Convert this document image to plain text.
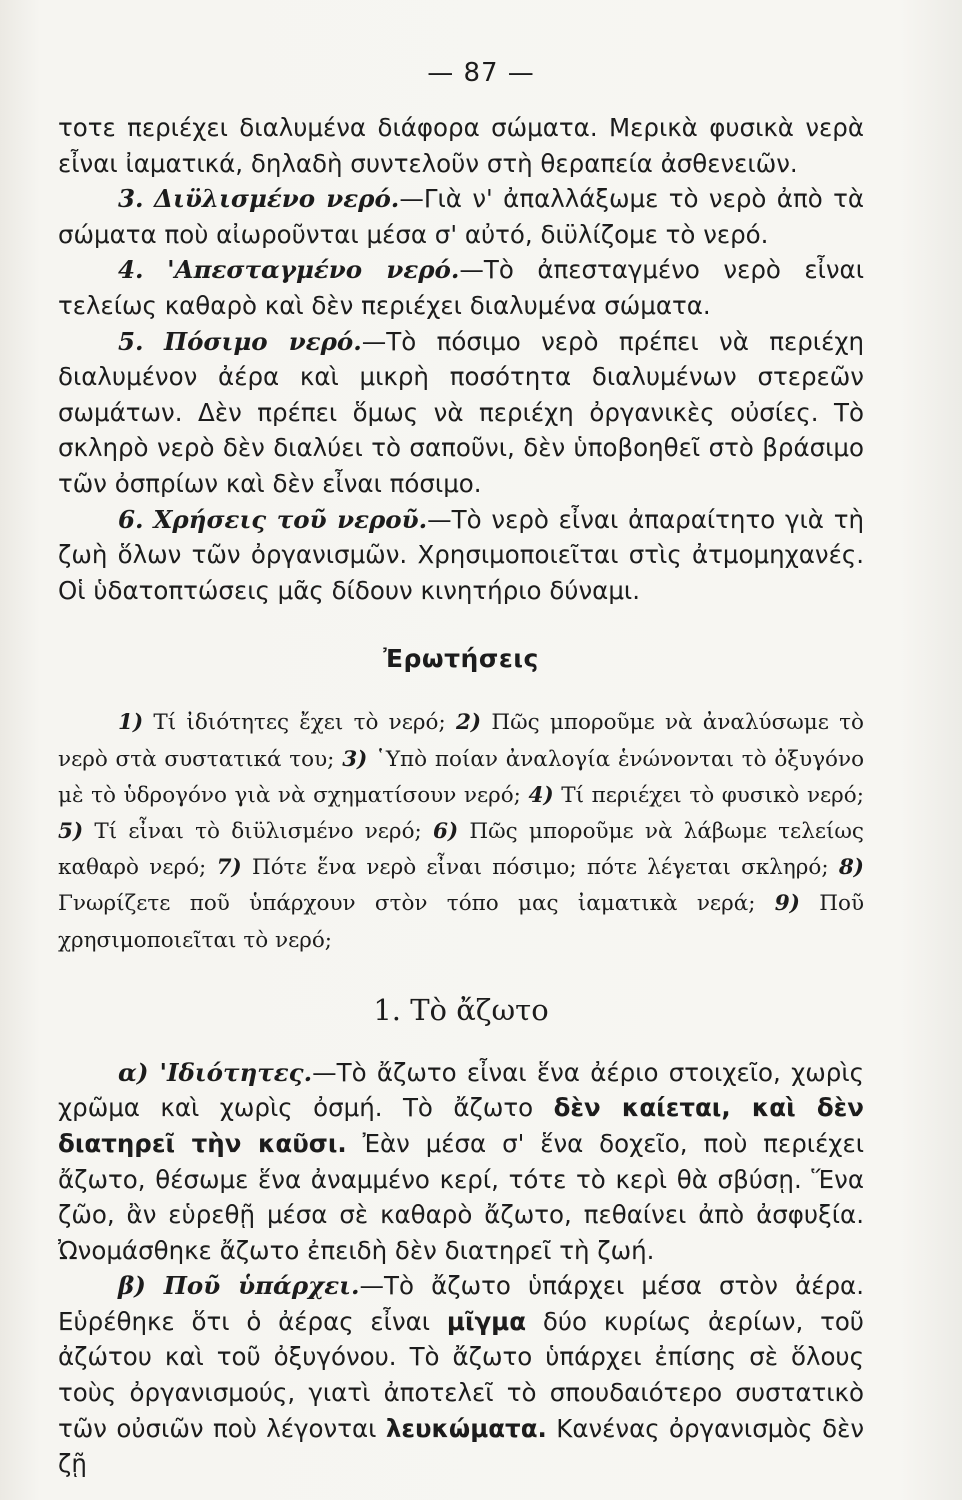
— 87 —

τοτε περιέχει διαλυμένα διάφορα σώματα. Μερικὰ φυσικὰ νερὰ εἶναι ἰαματικά, δηλαδὴ συντελοῦν στὴ θεραπεία ἀσθενειῶν.

3. Διϋλισμένο νερό.—Γιὰ ν' ἀπαλλάξωμε τὸ νερὸ ἀπὸ τὰ σώματα ποὺ αἰωροῦνται μέσα σ' αὐτό, διϋλίζομε τὸ νερό.

4. 'Απεσταγμένο νερό.—Τὸ ἀπεσταγμένο νερὸ εἶναι τελείως καθαρὸ καὶ δὲν περιέχει διαλυμένα σώματα.

5. Πόσιμο νερό.—Τὸ πόσιμο νερὸ πρέπει νὰ περιέχη διαλυμένον ἀέρα καὶ μικρὴ ποσότητα διαλυμένων στερεῶν σωμάτων. Δὲν πρέπει ὅμως νὰ περιέχη ὀργανικὲς οὐσίες. Τὸ σκληρὸ νερὸ δὲν διαλύει τὸ σαποῦνι, δὲν ὑποβοηθεῖ στὸ βράσιμο τῶν ὀσπρίων καὶ δὲν εἶναι πόσιμο.

6. Χρήσεις τοῦ νεροῦ.—Τὸ νερὸ εἶναι ἀπαραίτητο γιὰ τὴ ζωὴ ὅλων τῶν ὀργανισμῶν. Χρησιμοποιεῖται στὶς ἀτμομηχανές. Οἱ ὑδατοπτώσεις μᾶς δίδουν κινητήριο δύναμι.

Ἐρωτήσεις

1) Τί ἰδιότητες ἔχει τὸ νερό; 2) Πῶς μποροῦμε νὰ ἀναλύσωμε τὸ νερὸ στὰ συστατικά του; 3) ῾Υπὸ ποίαν ἀναλογία ἑνώνονται τὸ ὀξυγόνο μὲ τὸ ὑδρογόνο γιὰ νὰ σχηματίσουν νερό; 4) Τί περιέχει τὸ φυσικὸ νερό; 5) Τί εἶναι τὸ διϋλισμένο νερό; 6) Πῶς μποροῦμε νὰ λάβωμε τελείως καθαρὸ νερό; 7) Πότε ἕνα νερὸ εἶναι πόσιμο; πότε λέγεται σκληρό; 8) Γνωρίζετε ποῦ ὑπάρχουν στὸν τόπο μας ἰαματικὰ νερά; 9) Ποῦ χρησιμοποιεῖται τὸ νερό;

1. Τὸ ἄζωτο

α) 'Ιδιότητες.—Τὸ ἄζωτο εἶναι ἕνα ἀέριο στοιχεῖο, χωρὶς χρῶμα καὶ χωρὶς ὀσμή. Τὸ ἄζωτο δὲν καίεται, καὶ δὲν διατηρεῖ τὴν καῦσι. Ἐὰν μέσα σ' ἕνα δοχεῖο, ποὺ περιέχει ἄζωτο, θέσωμε ἕνα ἀναμμένο κερί, τότε τὸ κερὶ θὰ σβύσῃ. Ἕνα ζῶο, ἂν εὑρεθῇ μέσα σὲ καθαρὸ ἄζωτο, πεθαίνει ἀπὸ ἀσφυξία. Ὠνομάσθηκε ἄζωτο ἐπειδὴ δὲν διατηρεῖ τὴ ζωή.

β) Ποῦ ὑπάρχει.—Τὸ ἄζωτο ὑπάρχει μέσα στὸν ἀέρα. Εὑρέθηκε ὅτι ὁ ἀέρας εἶναι μῖγμα δύο κυρίως ἀερίων, τοῦ ἀζώτου καὶ τοῦ ὀξυγόνου. Τὸ ἄζωτο ὑπάρχει ἐπίσης σὲ ὅλους τοὺς ὀργανισμούς, γιατὶ ἀποτελεῖ τὸ σπουδαιότερο συστατικὸ τῶν οὐσιῶν ποὺ λέγονται λευκώματα. Κανένας ὀργανισμὸς δὲν ζῇ
